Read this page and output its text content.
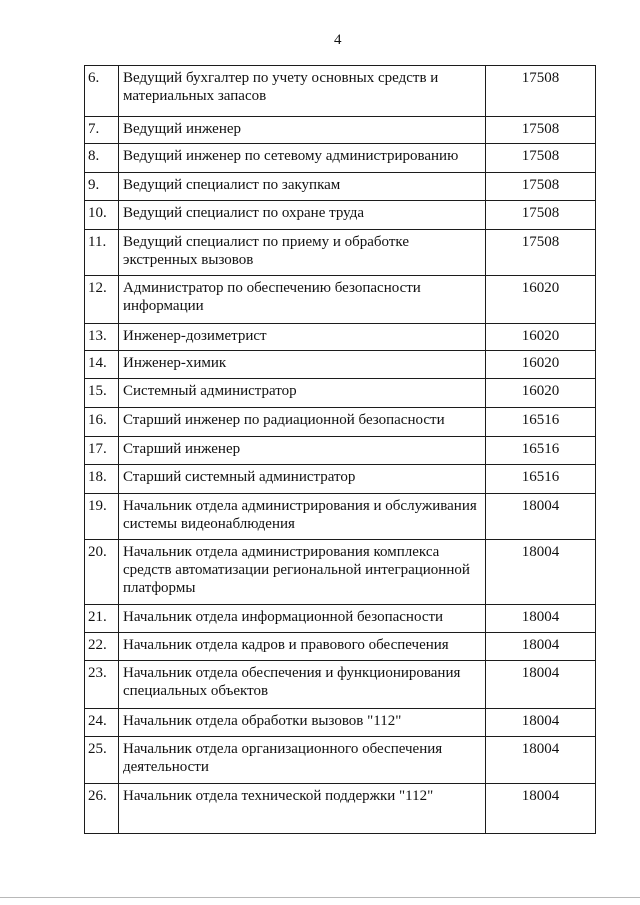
4
6.	Ведущий бухгалтер по учету основных средств и
материальных запасов	17508
7.	Ведущий инженер	17508
8.	Ведущий инженер по сетевому администрированию	17508
9.	Ведущий специалист по закупкам	17508
10.	Ведущий специалист по охране труда	17508
11.	Ведущий специалист по приему и обработке
экстренных вызовов	17508
12.	Администратор по обеспечению безопасности
информации	16020
13.	Инженер-дозиметрист	16020
14.	Инженер-химик	16020
15.	Системный администратор	16020
16.	Старший инженер по радиационной безопасности	16516
17.	Старший инженер	16516
18.	Старший системный администратор	16516
19.	Начальник отдела администрирования и обслуживания
системы видеонаблюдения	18004
20.	Начальник отдела администрирования комплекса
средств автоматизации региональной интеграционной
платформы	18004
21.	Начальник отдела информационной безопасности	18004
22.	Начальник отдела кадров и правового обеспечения	18004
23.	Начальник отдела обеспечения и функционирования
специальных объектов	18004
24.	Начальник отдела обработки вызовов "112"	18004
25.	Начальник отдела организационного обеспечения
деятельности	18004
26.	Начальник отдела технической поддержки "112"	18004
